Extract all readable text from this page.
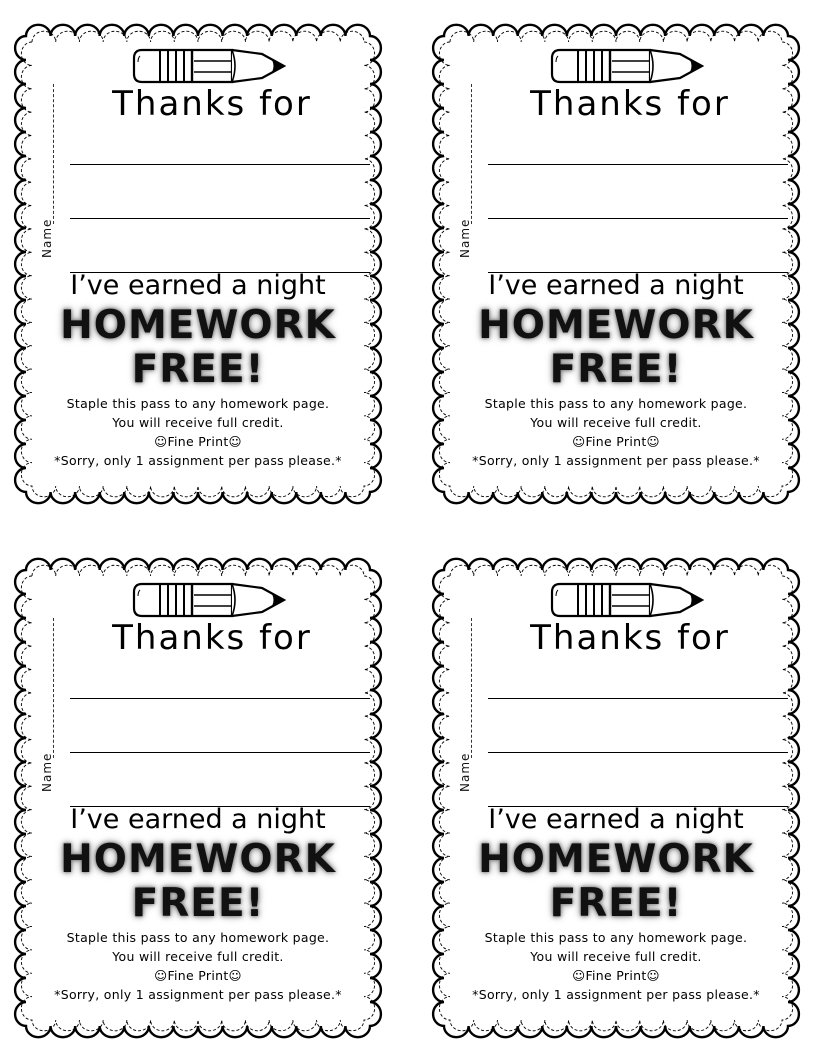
Name
Thanks for
I’ve earned a night
HOMEWORK
FREE!
Staple this pass to any homework page.
You will receive full credit.
☺Fine Print☺
*Sorry, only 1 assignment per pass please.*
Name
Thanks for
I’ve earned a night
HOMEWORK
FREE!
Staple this pass to any homework page.
You will receive full credit.
☺Fine Print☺
*Sorry, only 1 assignment per pass please.*
Name
Thanks for
I’ve earned a night
HOMEWORK
FREE!
Staple this pass to any homework page.
You will receive full credit.
☺Fine Print☺
*Sorry, only 1 assignment per pass please.*
Name
Thanks for
I’ve earned a night
HOMEWORK
FREE!
Staple this pass to any homework page.
You will receive full credit.
☺Fine Print☺
*Sorry, only 1 assignment per pass please.*
